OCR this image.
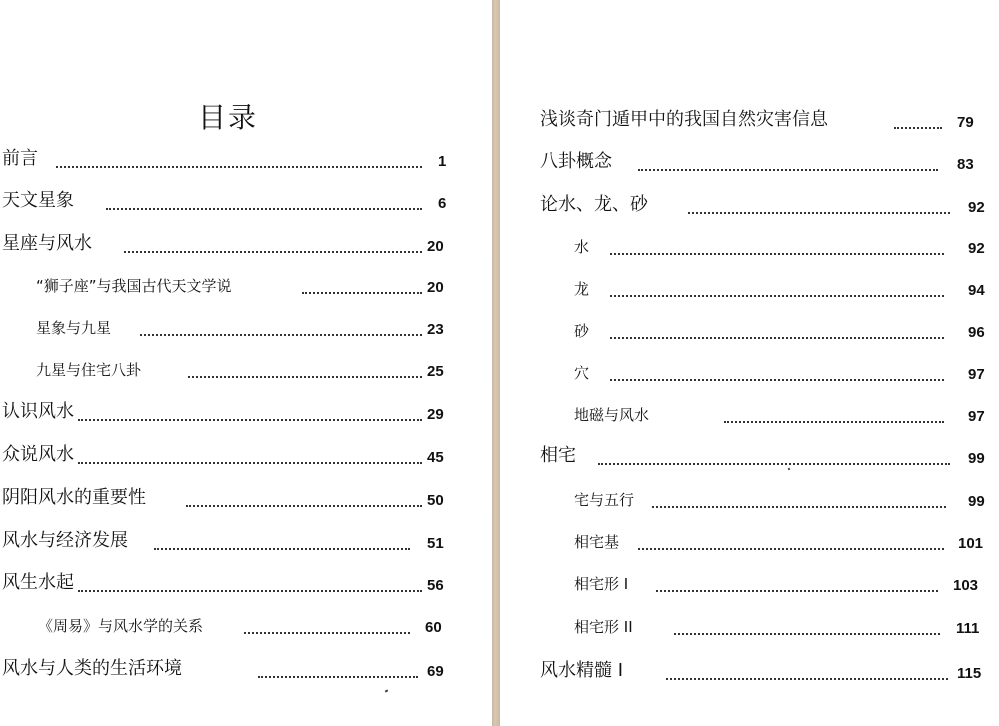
目录
前言	1
天文星象	6
星座与风水	20
“狮子座”与我国古代天文学说	20
星象与九星	23
九星与住宅八卦	25
认识风水	29
众说风水	45
阴阳风水的重要性	50
风水与经济发展	51
风生水起	56
《周易》与风水学的关系	60
风水与人类的生活环境	69
浅谈奇门遁甲中的我国自然灾害信息	79
八卦概念	83
论水、龙、砂	92
水	92
龙	94
砂	96
穴	97
地磁与风水	97
相宅	99
宅与五行	99
相宅基	101
相宅形 I	103
相宅形 II	111
风水精髓 I	115
